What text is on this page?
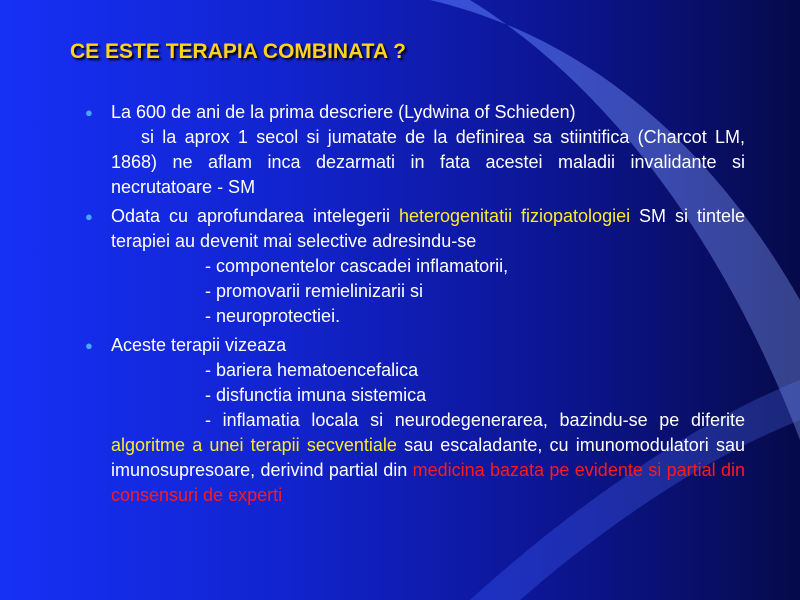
CE ESTE TERAPIA COMBINATA ?
● La 600 de ani de la prima descriere (Lydwina of Schieden)
si la aprox 1 secol si jumatate de la definirea sa stiintifica (Charcot LM, 1868) ne aflam inca dezarmati in fata acestei maladii invalidante si necrutatoare - SM
● Odata cu aprofundarea intelegerii heterogenitatii fiziopatologiei SM si tintele terapiei au devenit mai selective adresindu-se
- componentelor cascadei inflamatorii,
- promovarii remielinizarii si
- neuroprotectiei.
● Aceste terapii vizeaza
- bariera hematoencefalica
- disfunctia imuna sistemica
- inflamatia locala si neurodegenerarea, bazindu-se pe diferite algoritme a unei terapii secventiale sau escaladante, cu imunomodulatori sau imunosupresoare, derivind partial din medicina bazata pe evidente si partial din consensuri de experti
